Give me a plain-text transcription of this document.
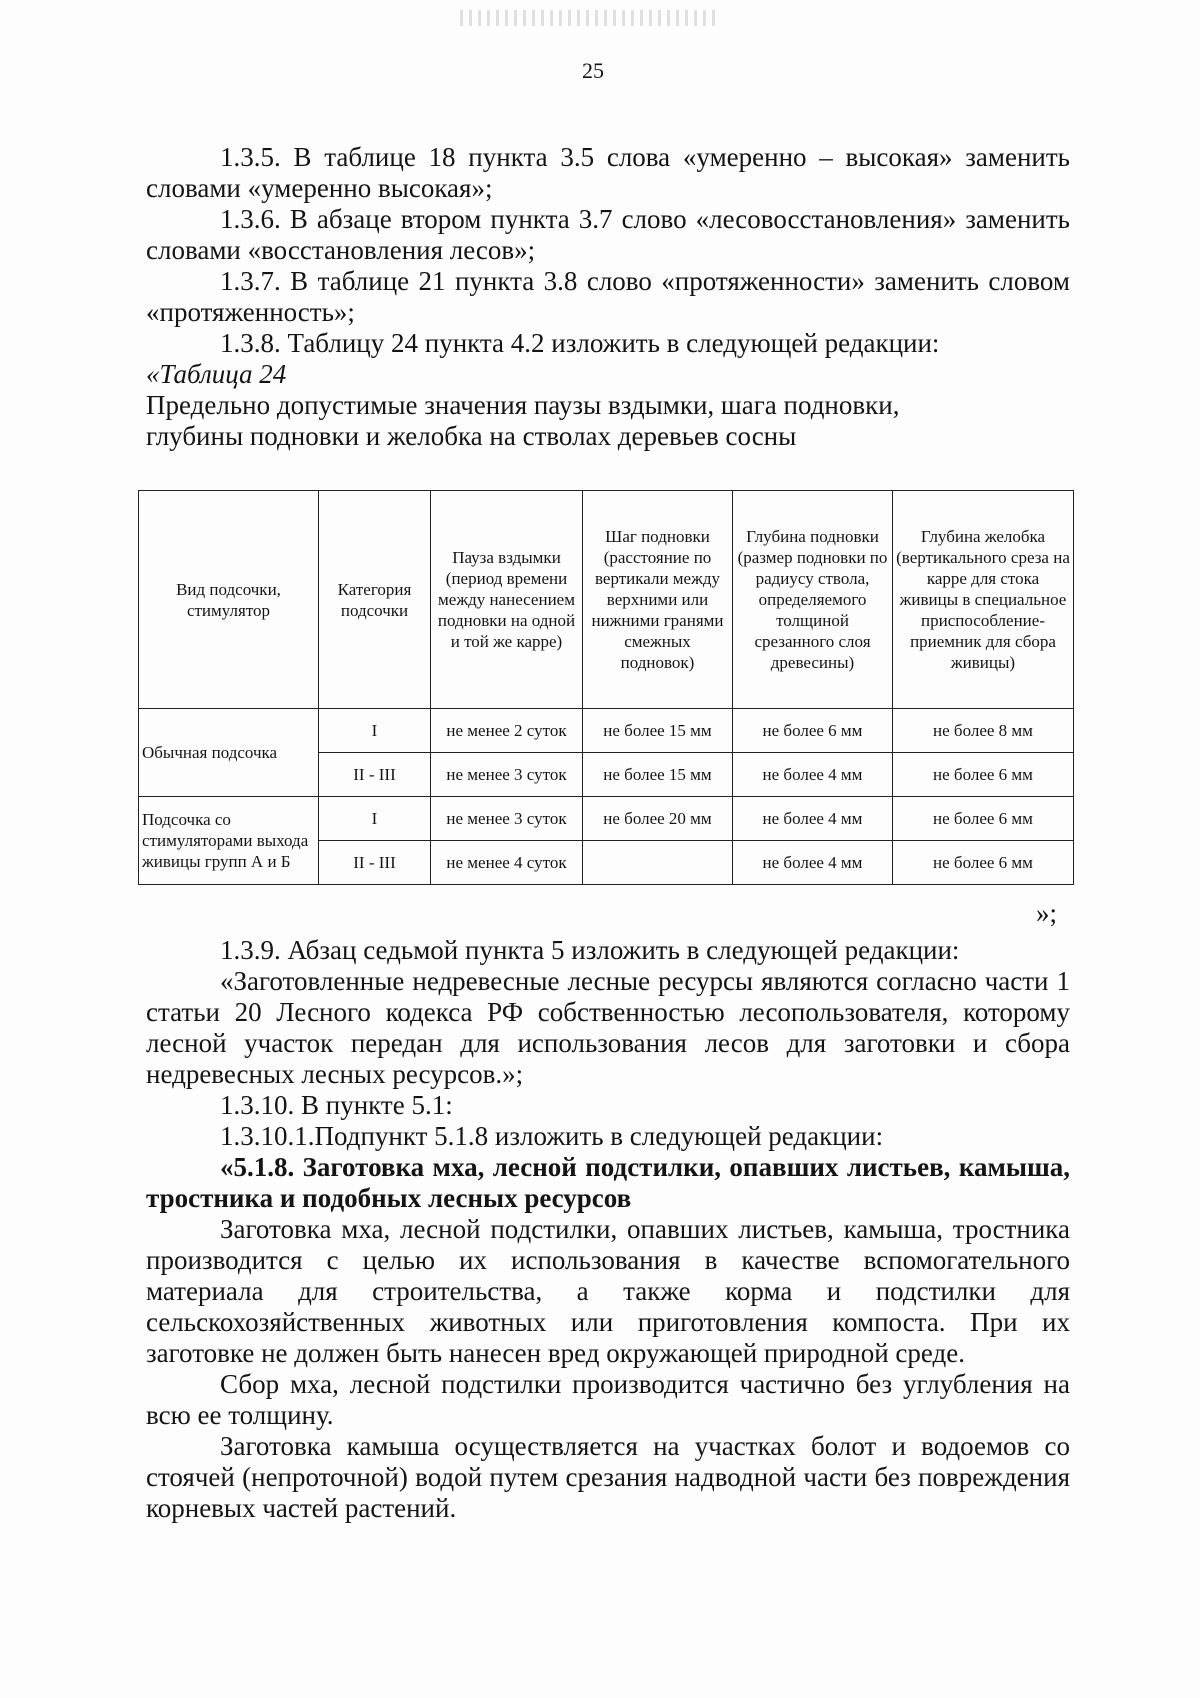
25

1.3.5. В таблице 18 пункта 3.5 слова «умеренно – высокая» заменить словами «умеренно высокая»;

1.3.6. В абзаце втором пункта 3.7 слово «лесовосстановления» заменить словами «восстановления лесов»;

1.3.7. В таблице 21 пункта 3.8 слово «протяженности» заменить словом «протяженность»;

1.3.8. Таблицу 24 пункта 4.2 изложить в следующей редакции:

«Таблица 24

Предельно допустимые значения паузы вздымки, шага подновки,

глубины подновки и желобка на стволах деревьев сосны

Вид подсочки, стимулятор	Категория подсочки	Пауза вздымки (период времени между нанесением подновки на одной и той же карре)	Шаг подновки (расстояние по вертикали между верхними или нижними гранями смежных подновок)	Глубина подновки (размер подновки по радиусу ствола, определяемого толщиной срезанного слоя древесины)	Глубина желобка (вертикального среза на карре для стока живицы в специальное приспособление-приемник для сбора живицы)
Обычная подсочка	I	не менее 2 суток	не более 15 мм	не более 6 мм	не более 8 мм
	II - III	не менее 3 суток	не более 15 мм	не более 4 мм	не более 6 мм
Подсочка со стимуляторами выхода живицы групп А и Б	I	не менее 3 суток	не более 20 мм	не более 4 мм	не более 6 мм
	II - III	не менее 4 суток		не более 4 мм	не более 6 мм
»;

1.3.9. Абзац седьмой пункта 5 изложить в следующей редакции:

«Заготовленные недревесные лесные ресурсы являются согласно части 1 статьи 20 Лесного кодекса РФ собственностью лесопользователя, которому лесной участок передан для использования лесов для заготовки и сбора недревесных лесных ресурсов.»;

1.3.10. В пункте 5.1:

1.3.10.1.Подпункт 5.1.8 изложить в следующей редакции:

«5.1.8. Заготовка мха, лесной подстилки, опавших листьев, камыша, тростника и подобных лесных ресурсов

Заготовка мха, лесной подстилки, опавших листьев, камыша, тростника производится с целью их использования в качестве вспомогательного материала для строительства, а также корма и подстилки для сельскохозяйственных животных или приготовления компоста. При их заготовке не должен быть нанесен вред окружающей природной среде.

Сбор мха, лесной подстилки производится частично без углубления на всю ее толщину.

Заготовка камыша осуществляется на участках болот и водоемов со стоячей (непроточной) водой путем срезания надводной части без повреждения корневых частей растений.
